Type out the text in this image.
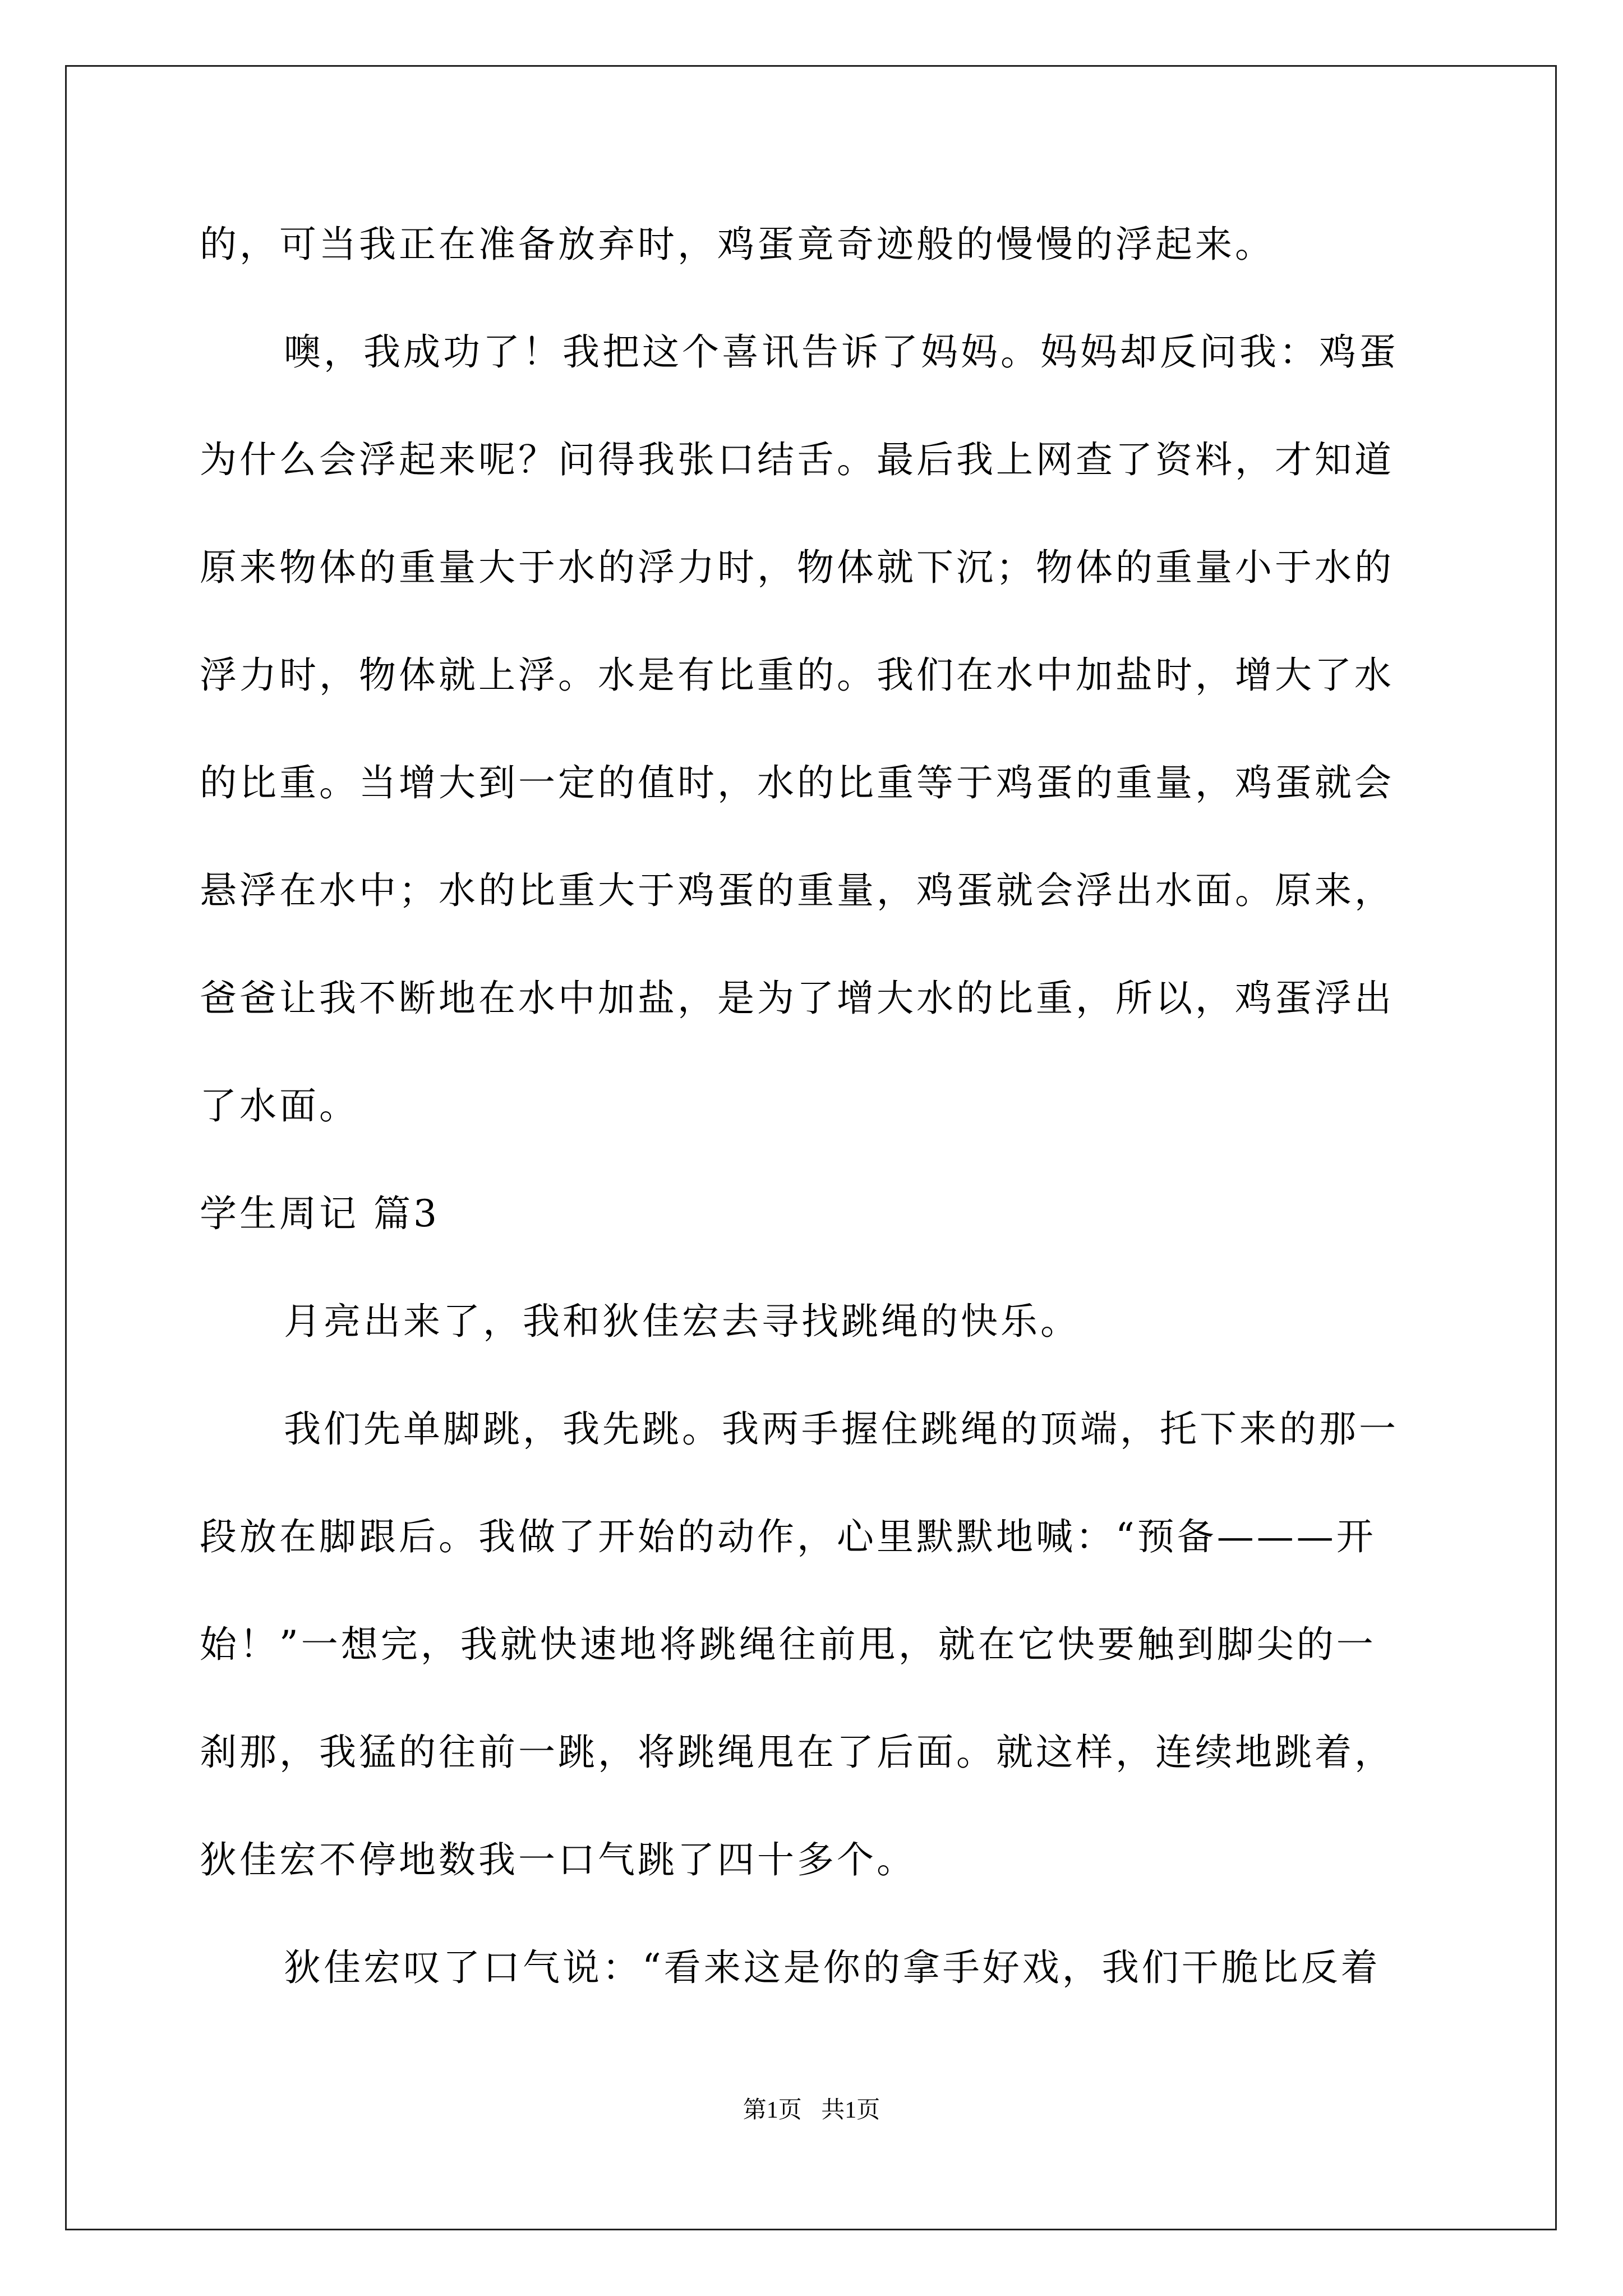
的，可当我正在准备放弃时，鸡蛋竟奇迹般的慢慢的浮起来。
噢，我成功了！我把这个喜讯告诉了妈妈。妈妈却反问我：鸡蛋
为什么会浮起来呢？问得我张口结舌。最后我上网查了资料，才知道
原来物体的重量大于水的浮力时，物体就下沉；物体的重量小于水的
浮力时，物体就上浮。水是有比重的。我们在水中加盐时，增大了水
的比重。当增大到一定的值时，水的比重等于鸡蛋的重量，鸡蛋就会
悬浮在水中；水的比重大于鸡蛋的重量，鸡蛋就会浮出水面。原来，
爸爸让我不断地在水中加盐，是为了增大水的比重，所以，鸡蛋浮出
了水面。
学生周记 篇3
月亮出来了，我和狄佳宏去寻找跳绳的快乐。
我们先单脚跳，我先跳。我两手握住跳绳的顶端，托下来的那一
段放在脚跟后。我做了开始的动作，心里默默地喊：“预备———开
始！”一想完，我就快速地将跳绳往前甩，就在它快要触到脚尖的一
刹那，我猛的往前一跳，将跳绳甩在了后面。就这样，连续地跳着，
狄佳宏不停地数我一口气跳了四十多个。
狄佳宏叹了口气说：“看来这是你的拿手好戏，我们干脆比反着
第1页 共1页
